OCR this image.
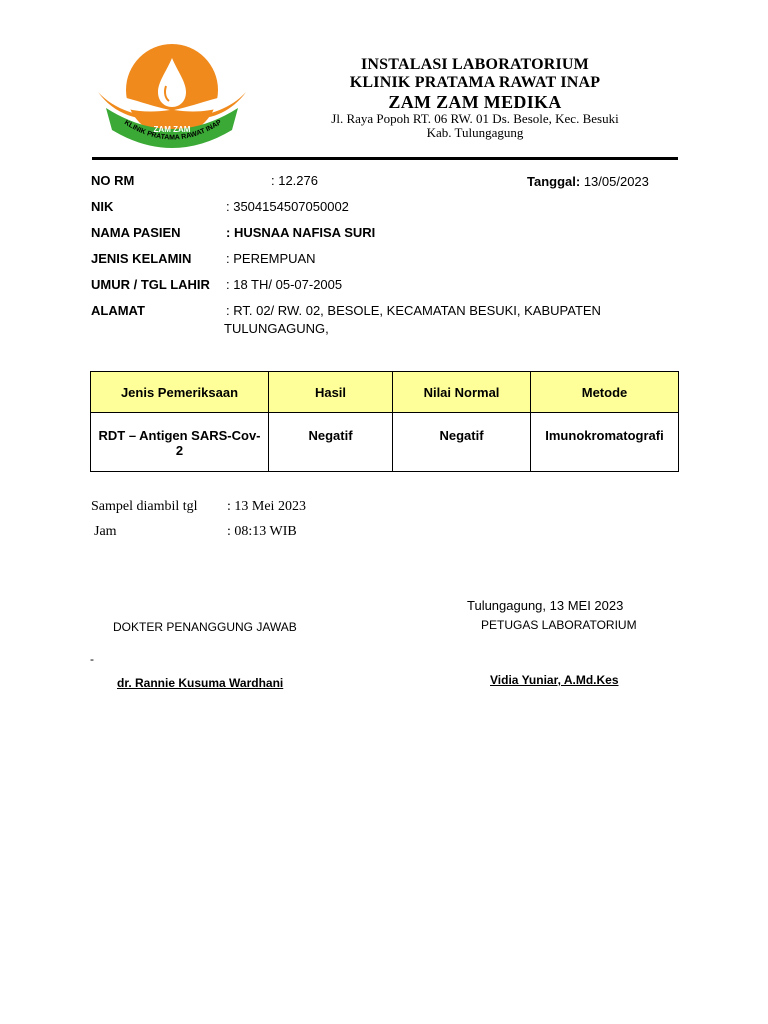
ZAM ZAM
KLINIK PRATAMA RAWAT INAP
INSTALASI LABORATORIUM
KLINIK PRATAMA RAWAT INAP
ZAM ZAM MEDIKA
Jl. Raya Popoh RT. 06 RW. 01 Ds. Besole, Kec. Besuki
Kab. Tulungagung
NO RM	: 12.276	Tanggal: 13/05/2023
NIK	: 3504154507050002
NAMA PASIEN	: HUSNAA NAFISA SURI
JENIS KELAMIN	: PEREMPUAN
UMUR / TGL LAHIR : 18 TH/ 05-07-2005
ALAMAT	: RT. 02/ RW. 02, BESOLE, KECAMATAN BESUKI, KABUPATEN
TULUNGAGUNG,
Jenis Pemeriksaan	Hasil	Nilai Normal	Metode
RDT – Antigen SARS-Cov-2	Negatif	Negatif	Imunokromatografi
Sampel diambil tgl : 13 Mei 2023
Jam	: 08:13 WIB
Tulungagung, 13 MEI 2023
DOKTER PENANGGUNG JAWAB	PETUGAS LABORATORIUM
-
dr. Rannie Kusuma Wardhani	Vidia Yuniar, A.Md.Kes
